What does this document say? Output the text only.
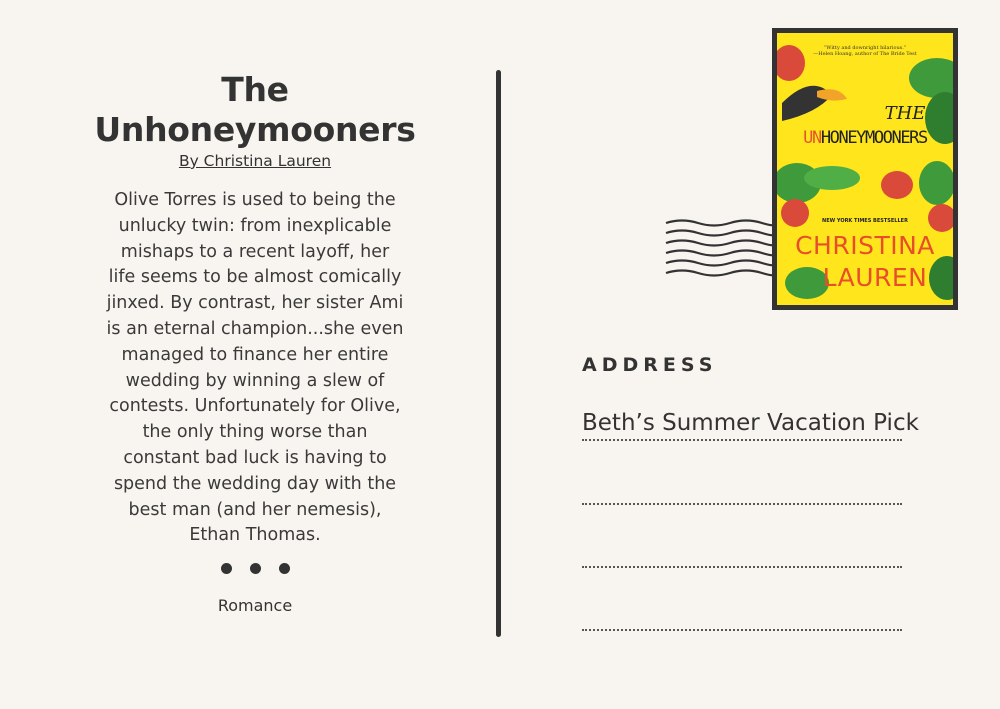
The Unhoneymooners
By Christina Lauren
Olive Torres is used to being the unlucky twin: from inexplicable mishaps to a recent layoff, her life seems to be almost comically jinxed. By contrast, her sister Ami is an eternal champion...she even managed to finance her entire wedding by winning a slew of contests. Unfortunately for Olive, the only thing worse than constant bad luck is having to spend the wedding day with the best man (and her nemesis), Ethan Thomas.
Romance
“Witty and downright hilarious.”
—Helen Hoang, author of The Bride Test
THE
UNHONEYMOONERS
NEW YORK TIMES BESTSELLER
CHRISTINA
LAUREN
ADDRESS
Beth’s Summer Vacation Pick
